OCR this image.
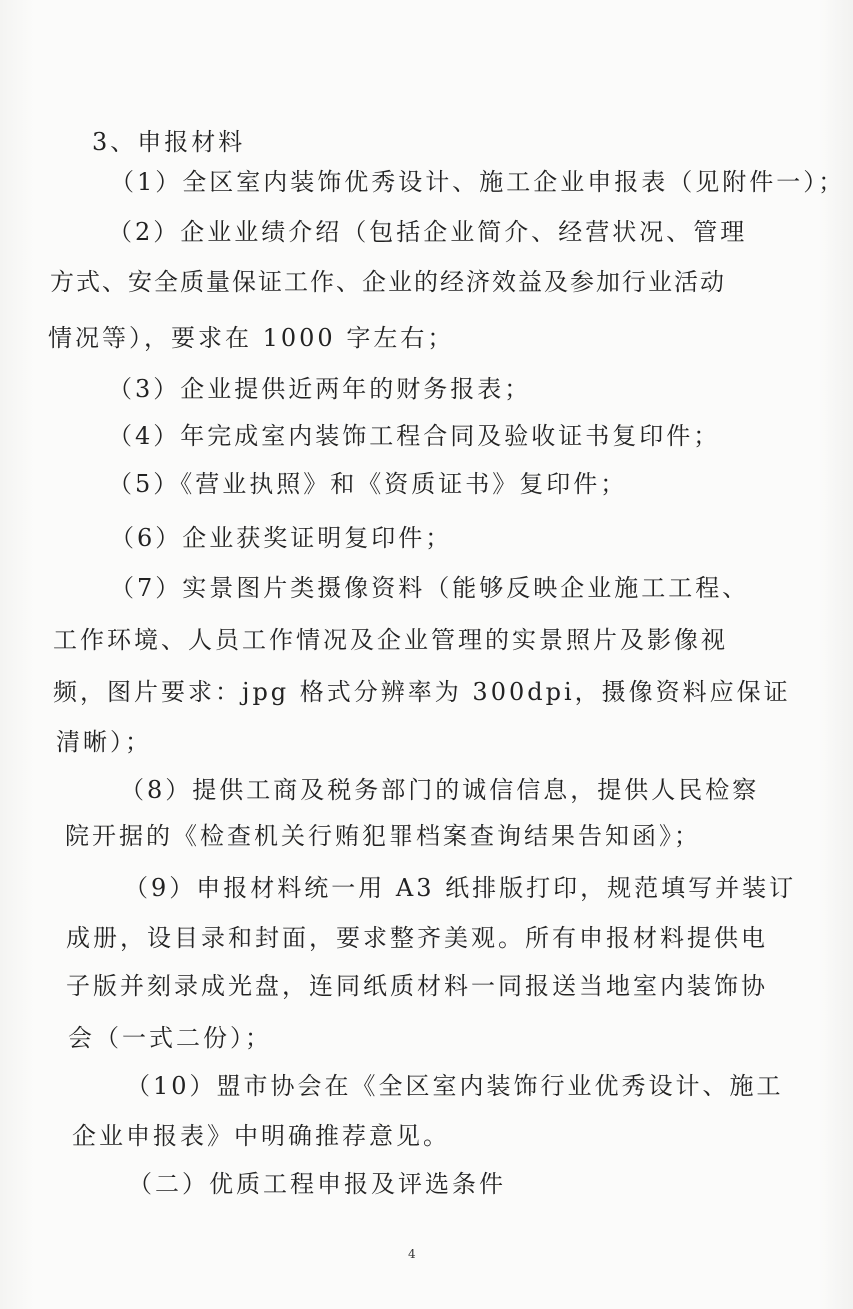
3、申报材料
（1）全区室内装饰优秀设计、施工企业申报表（见附件一）；
（2）企业业绩介绍（包括企业简介、经营状况、管理
方式、安全质量保证工作、企业的经济效益及参加行业活动
情况等），要求在 1000 字左右；
（3）企业提供近两年的财务报表；
（4）年完成室内装饰工程合同及验收证书复印件；
（5）《营业执照》和《资质证书》复印件；
（6）企业获奖证明复印件；
（7）实景图片类摄像资料（能够反映企业施工工程、
工作环境、人员工作情况及企业管理的实景照片及影像视
频，图片要求：jpg 格式分辨率为 300dpi，摄像资料应保证
清晰）；
（8）提供工商及税务部门的诚信信息，提供人民检察
院开据的《检查机关行贿犯罪档案查询结果告知函》；
（9）申报材料统一用 A3 纸排版打印，规范填写并装订
成册，设目录和封面，要求整齐美观。所有申报材料提供电
子版并刻录成光盘，连同纸质材料一同报送当地室内装饰协
会（一式二份）；
（10）盟市协会在《全区室内装饰行业优秀设计、施工
企业申报表》中明确推荐意见。
（二）优质工程申报及评选条件
4
